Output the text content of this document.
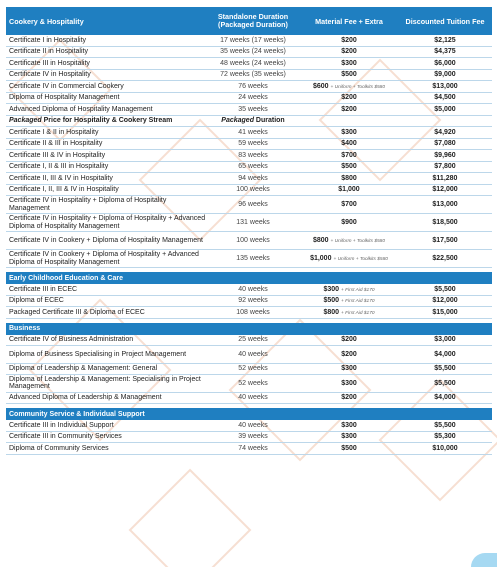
Cookery & Hospitality	Standalone Duration
(Packaged Duration)	Material Fee + Extra	Discounted Tuition Fee
Certificate I in Hospitality	17 weeks (17 weeks)	$200	$2,125
Certificate II in Hospitality	35 weeks (24 weeks)	$200	$4,375
Certificate III in Hospitality	48 weeks (24 weeks)	$300	$6,000
Certificate IV in Hospitality	72 weeks (35 weeks)	$500	$9,000
Certificate IV in Commercial Cookery	76 weeks	$600 + Uniform + Toolkits $580	$13,000
Diploma of Hospitality Management	24 weeks	$200	$4,500
Advanced Diploma of Hospitality Management	35 weeks	$200	$5,000
Packaged Price for Hospitality & Cookery Stream	Packaged Duration
Certificate I & II in Hospitality	41 weeks	$300	$4,920
Certificate II & III in Hospitality	59 weeks	$400	$7,080
Certificate III & IV in Hospitality	83 weeks	$700	$9,960
Certificate I, II & III in Hospitality	65 weeks	$500	$7,800
Certificate II, III & IV in Hospitality	94 weeks	$800	$11,280
Certificate I, II, III & IV in Hospitality	100 weeks	$1,000	$12,000
Certificate IV in Hospitality + Diploma of Hospitality Management	96 weeks	$700	$13,000
Certificate IV in Hospitality + Diploma of Hospitality + Advanced Diploma of Hospitality Management	131 weeks	$900	$18,500
Certificate IV in Cookery + Diploma of Hospitality Management	100 weeks	$800 + Uniform + Toolkits $580	$17,500
Certificate IV in Cookery + Diploma of Hospitality + Advanced Diploma of Hospitality Management	135 weeks	$1,000 + Uniform + Toolkits $580	$22,500
Early Childhood Education & Care
Certificate III in ECEC	40 weeks	$300 + First Aid $170	$5,500
Diploma of ECEC	92 weeks	$500 + First Aid $170	$12,000
Packaged Certificate III & Diploma of ECEC	108 weeks	$800 + First Aid $170	$15,000
Business
Certificate IV of Business Administration	25 weeks	$200	$3,000
Diploma of Business Specialising in Project Management	40 weeks	$200	$4,000
Diploma of Leadership & Management: General	52 weeks	$300	$5,500
Diploma of Leadership & Management: Specialising in Project Management	52 weeks	$300	$5,500
Advanced Diploma of Leadership & Management	40 weeks	$200	$4,000
Community Service & Individual Support
Certificate III in Individual Support	40 weeks	$300	$5,500
Certificate III in Community Services	39 weeks	$300	$5,300
Diploma of Community Services	74 weeks	$500	$10,000
